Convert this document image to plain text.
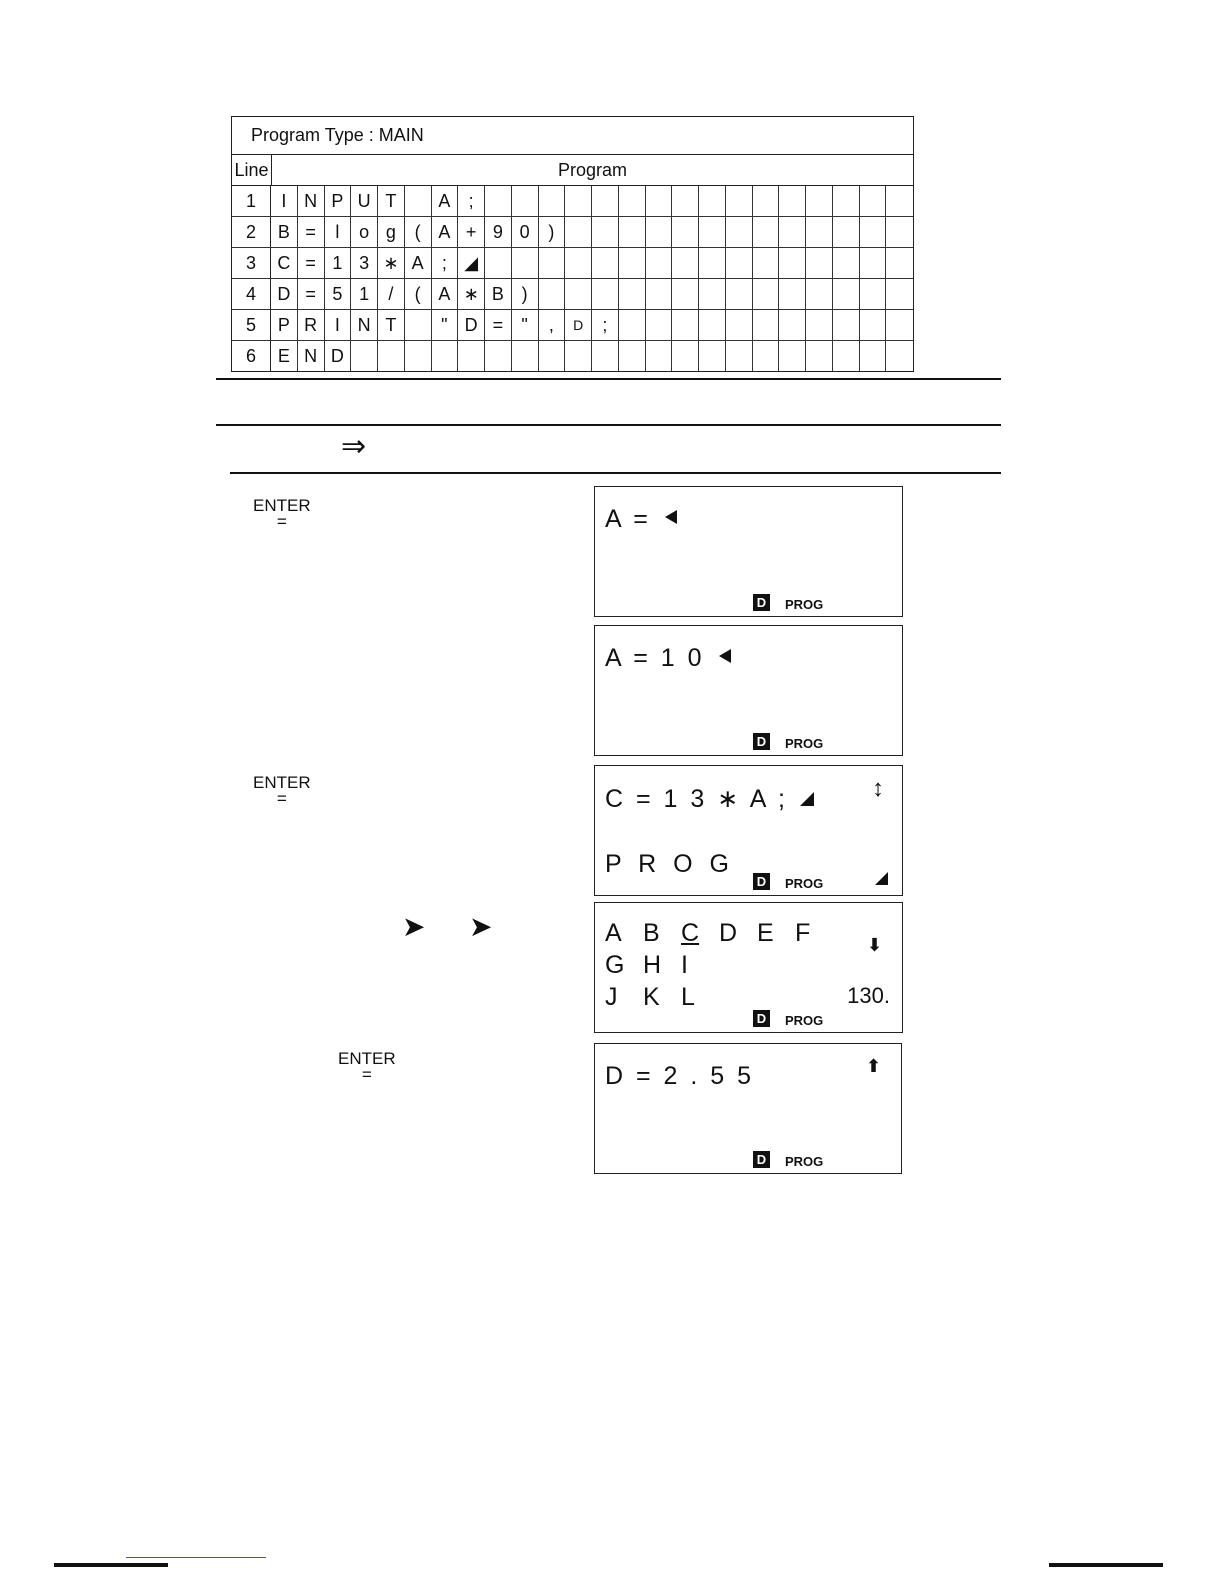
Program Type : MAIN
Line	Program
1	I N P U T	A	;
2	B =	l	o g	( A + 9 0	)
3	C = 1 3 ∗ A	; ◢
4	D = 5 1	/	( A ∗ B )
5	P R I N T	" D =	"	,	D	;
6	E N D
⇒
ENTER
=
ENTER
=
➤ ➤
ENTER
=
A =
D PROG
A = 1 0
D PROG
C = 1 3 ∗ A ;	↕
P R O G
D PROG
A B C D E F
G H I
J K L
⬇
130.
D PROG
D = 2 . 5 5	⬆
D PROG
